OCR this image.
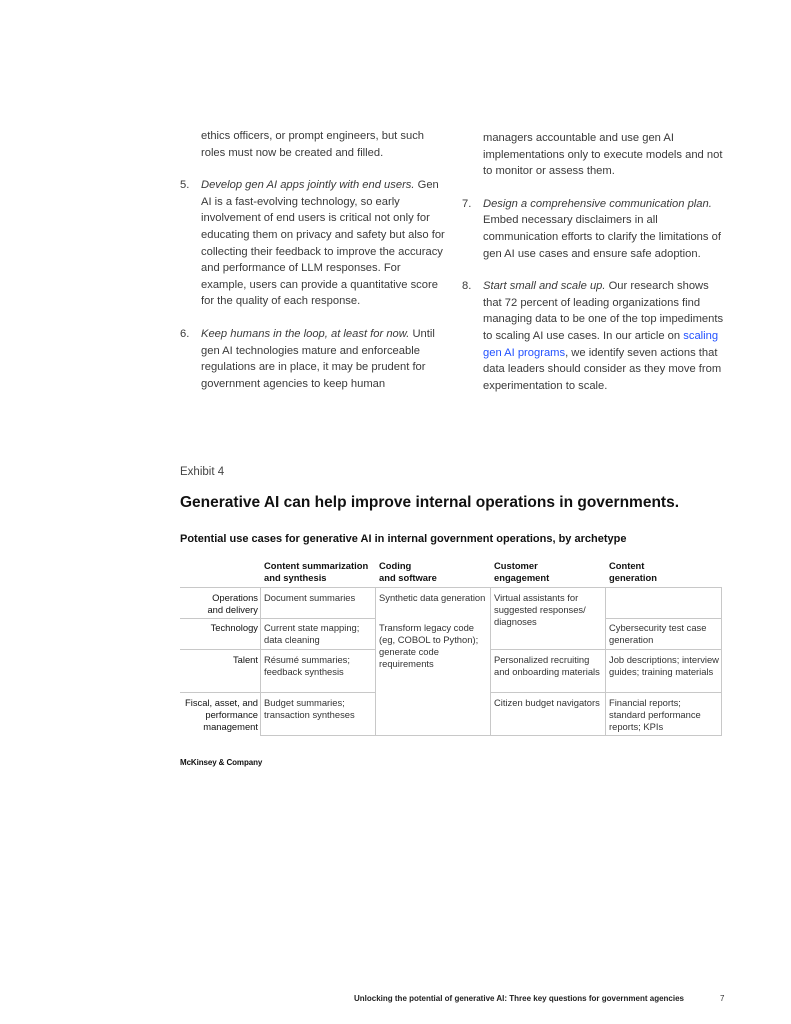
ethics officers, or prompt engineers, but such
roles must now be created and filled.

5. Develop gen AI apps jointly with end users. Gen AI is a fast-evolving technology, so early involvement of end users is critical not only for educating them on privacy and safety but also for collecting their feedback to improve the accuracy and performance of LLM responses. For example, users can provide a quantitative score for the quality of each response.

6. Keep humans in the loop, at least for now. Until gen AI technologies mature and enforceable regulations are in place, it may be prudent for government agencies to keep human

managers accountable and use gen AI implementations only to execute models and not to monitor or assess them.

7. Design a comprehensive communication plan. Embed necessary disclaimers in all communication efforts to clarify the limitations of gen AI use cases and ensure safe adoption.

8. Start small and scale up. Our research shows that 72 percent of leading organizations find managing data to be one of the top impediments to scaling AI use cases. In our article on scaling gen AI programs, we identify seven actions that data leaders should consider as they move from experimentation to scale.

Exhibit 4
Generative AI can help improve internal operations in governments.
Potential use cases for generative AI in internal government operations, by archetype
Content summarization
and synthesis
Coding
and software
Customer
engagement
Content
generation
Operations
and delivery
Technology
Talent
Fiscal, asset, and
performance
management
Document summaries	Synthetic data generation Virtual assistants for suggested responses/ diagnoses
Current state mapping; data cleaning
Transform legacy code (eg, COBOL to Python); generate code requirements
Cybersecurity test case generation
Résumé summaries; feedback synthesis
Personalized recruiting and onboarding materials
Job descriptions; interview guides; training materials
Budget summaries; transaction syntheses
Citizen budget navigators Financial reports; standard performance reports; KPIs
McKinsey & Company
Unlocking the potential of generative AI: Three key questions for government agencies	7
